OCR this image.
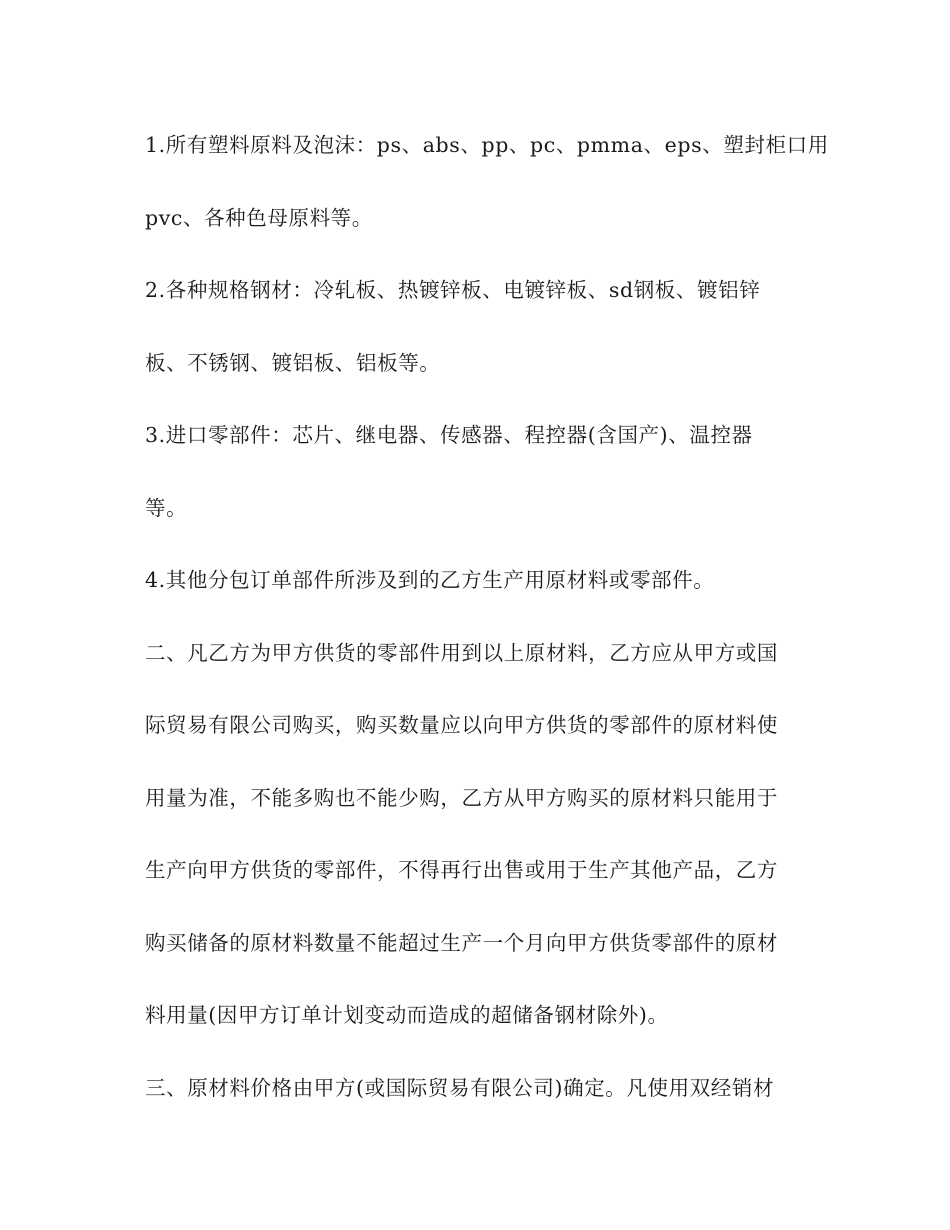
1.所有塑料原料及泡沫：ps、abs、pp、pc、pmma、eps、塑封柜口用

pvc、各种色母原料等。

2.各种规格钢材：冷轧板、热镀锌板、电镀锌板、sd钢板、镀铝锌

板、不锈钢、镀铝板、铝板等。

3.进口零部件：芯片、继电器、传感器、程控器(含国产)、温控器

等。

4.其他分包订单部件所涉及到的乙方生产用原材料或零部件。

二、凡乙方为甲方供货的零部件用到以上原材料，乙方应从甲方或国

际贸易有限公司购买，购买数量应以向甲方供货的零部件的原材料使

用量为准，不能多购也不能少购，乙方从甲方购买的原材料只能用于

生产向甲方供货的零部件，不得再行出售或用于生产其他产品，乙方

购买储备的原材料数量不能超过生产一个月向甲方供货零部件的原材

料用量(因甲方订单计划变动而造成的超储备钢材除外)。

三、原材料价格由甲方(或国际贸易有限公司)确定。凡使用双经销材
